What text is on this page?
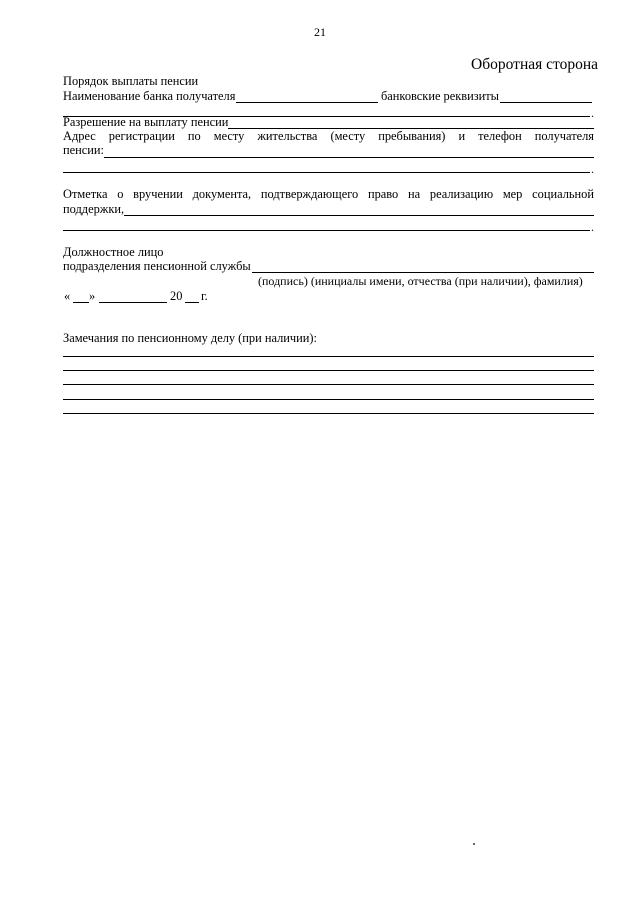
21
Оборотная сторона
Порядок выплаты пенсии
Наименование банка получателя	банковские реквизиты
.
Разрешение на выплату пенсии
Адрес регистрации по месту жительства (месту пребывания) и телефон получателя
пенсии:
.
Отметка о вручении документа, подтверждающего право на реализацию мер социальной
поддержки,
.
Должностное лицо
подразделения пенсионной службы
(подпись) (инициалы имени, отчества (при наличии), фамилия)
« »	20 г.
Замечания по пенсионному делу (при наличии):
